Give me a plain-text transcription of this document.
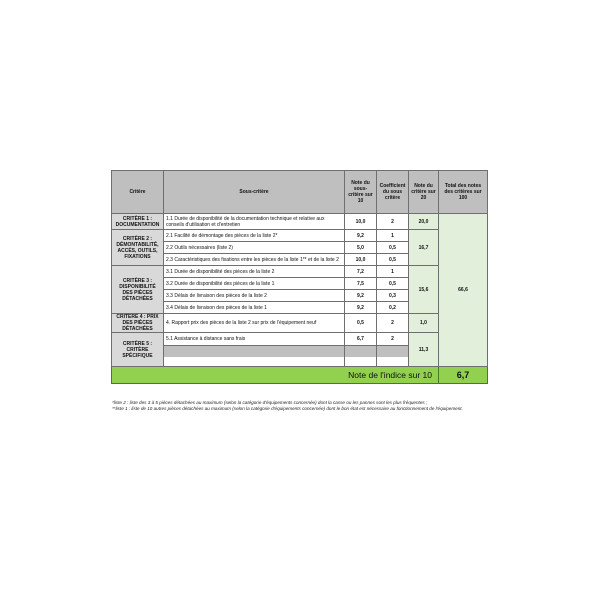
Critère	Sous-critère	Note du sous-critère sur 10	Coefficient du sous critère	Note du critère sur 20	Total des notes des critères sur 100
CRITÈRE 1 : DOCUMENTATION	1.1 Durée de disponibilité de la documentation technique et relative aux conseils d'utilisation et d'entretien	10,0	2	20,0	66,6
CRITÈRE 2 : DÉMONTABILITÉ, ACCÈS, OUTILS, FIXATIONS	2.1 Facilité de démontage des pièces de la liste 2*	9,2	1	16,7	
	2.2 Outils nécessaires (liste 2)	5,0	0,5		
	2.3 Caractéristiques des fixations entre les pièces de la liste 1** et de la liste 2	10,0	0,5		
CRITÈRE 3 : DISPONIBILITÉ DES PIÈCES DÉTACHÉES	3.1 Durée de disponibilité des pièces de la liste 2	7,2	1	15,6	
	3.2 Durée de disponibilité des pièces de la liste 1	7,5	0,5		
	3.3 Délais de livraison des pièces de la liste 2	9,2	0,3		
	3.4 Délais de livraison des pièces de la liste 1	9,2	0,2		
CRITÈRE 4 : PRIX DES PIÈCES DÉTACHÉES	4. Rapport prix des pièces de la liste 2 sur prix de l'équipement neuf	0,5	2	1,0	
CRITÈRE 5 : CRITÈRE SPÉCIFIQUE	5.1 Assistance à distance sans frais	6,7	2	11,3	
Note de l'indice sur 10					6,7

*liste 2 : liste des 3 à 5 pièces détachées au maximum (selon la catégorie d'équipements concernée) dont la casse ou les pannes sont les plus fréquentes ;

**liste 1 : liste de 10 autres pièces détachées au maximum (selon la catégorie d'équipements concernée) dont le bon état est nécessaire au fonctionnement de l'équipement.
